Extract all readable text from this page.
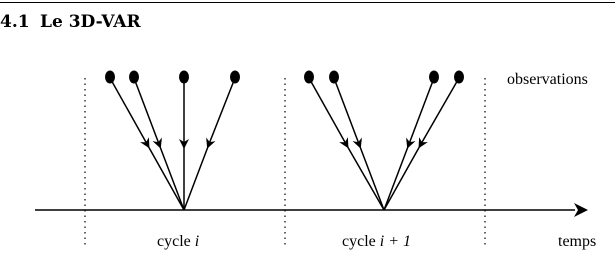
4.1 Le 3D-VAR
observations
temps
cycle i	cycle i + 1
